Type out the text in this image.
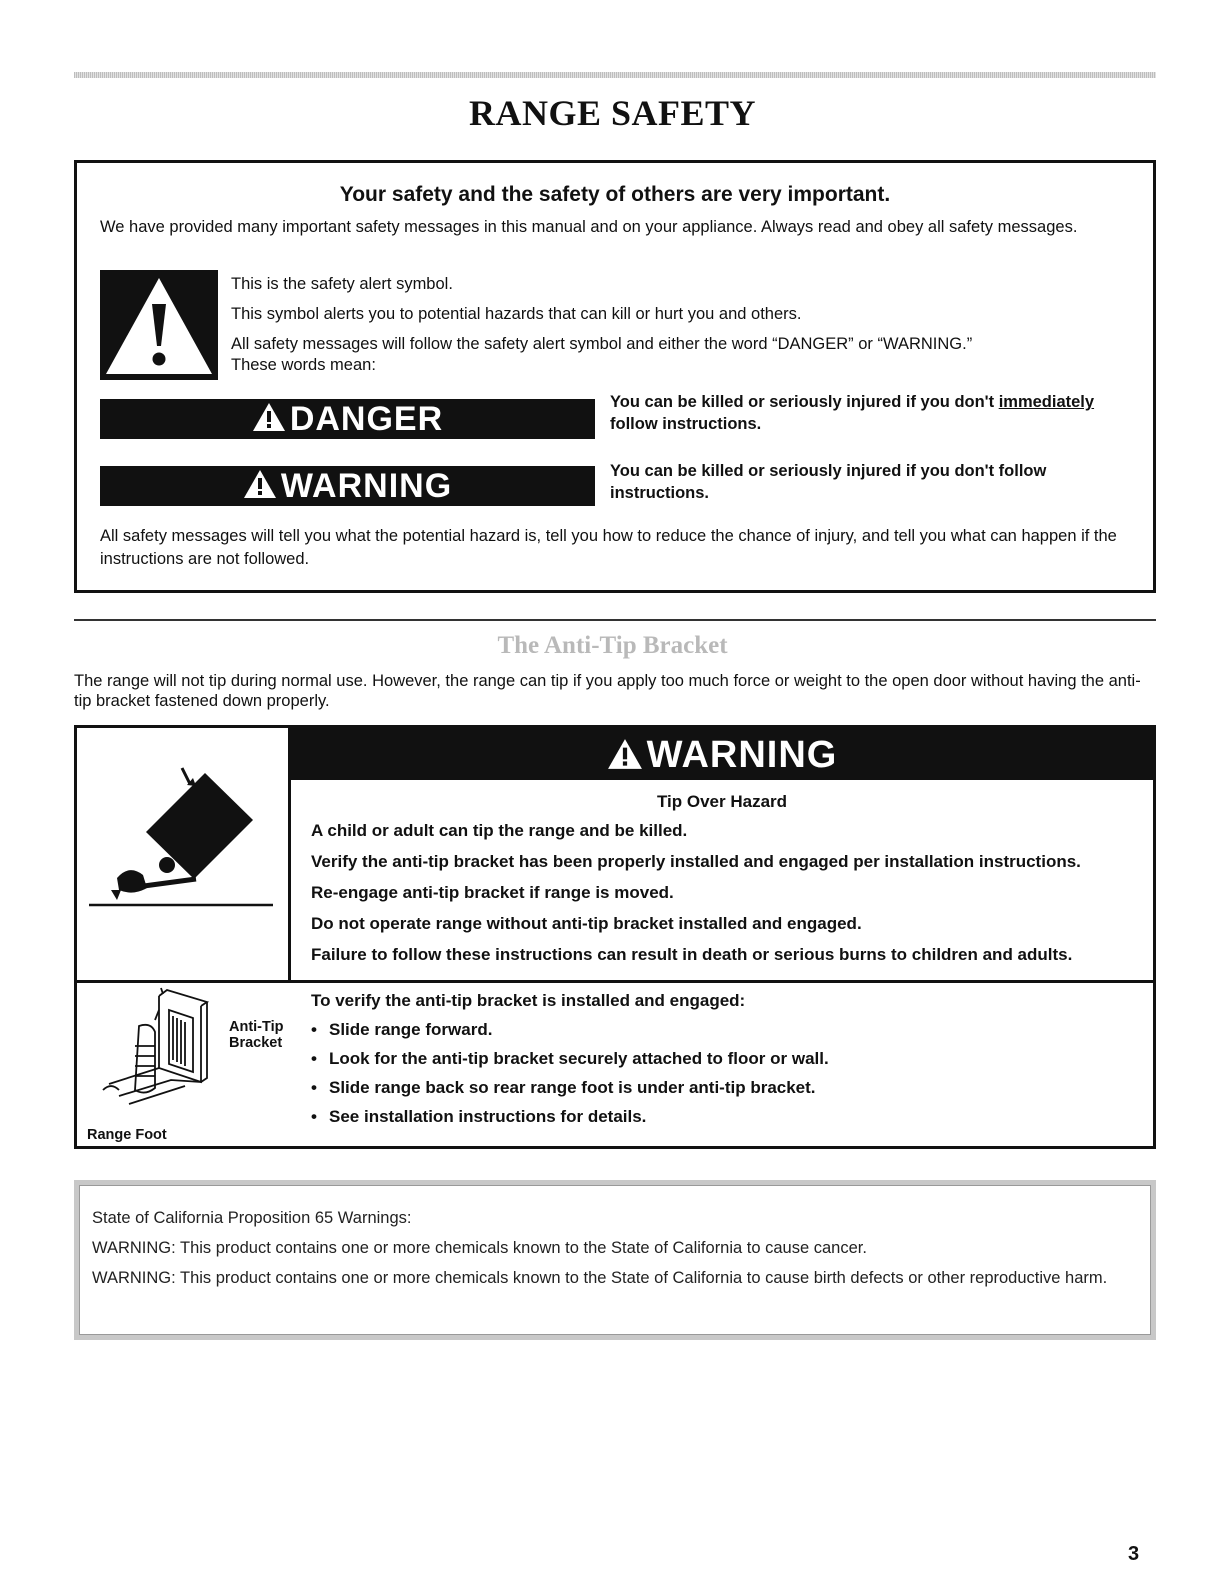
RANGE SAFETY
Your safety and the safety of others are very important.

We have provided many important safety messages in this manual and on your appliance. Always read and obey all safety messages.

This is the safety alert symbol.
This symbol alerts you to potential hazards that can kill or hurt you and others.
All safety messages will follow the safety alert symbol and either the word “DANGER” or “WARNING.”
These words mean:
DANGER	You can be killed or seriously injured if you don't immediately
follow instructions.
WARNING	You can be killed or seriously injured if you don't follow
instructions.

All safety messages will tell you what the potential hazard is, tell you how to reduce the chance of injury, and tell you what can happen if the instructions are not followed.

The Anti-Tip Bracket

The range will not tip during normal use. However, the range can tip if you apply too much force or weight to the open door without having the anti-tip bracket fastened down properly.

WARNING
Tip Over Hazard
A child or adult can tip the range and be killed.
Verify the anti-tip bracket has been properly installed and engaged per installation instructions.
Re-engage anti-tip bracket if range is moved.
Do not operate range without anti-tip bracket installed and engaged.
Failure to follow these instructions can result in death or serious burns to children and adults.
Anti-Tip
Bracket
Range Foot
To verify the anti-tip bracket is installed and engaged:
• Slide range forward.
• Look for the anti-tip bracket securely attached to floor or wall.
• Slide range back so rear range foot is under anti-tip bracket.
• See installation instructions for details.
State of California Proposition 65 Warnings:
WARNING: This product contains one or more chemicals known to the State of California to cause cancer.
WARNING: This product contains one or more chemicals known to the State of California to cause birth defects or other reproductive harm.
3
